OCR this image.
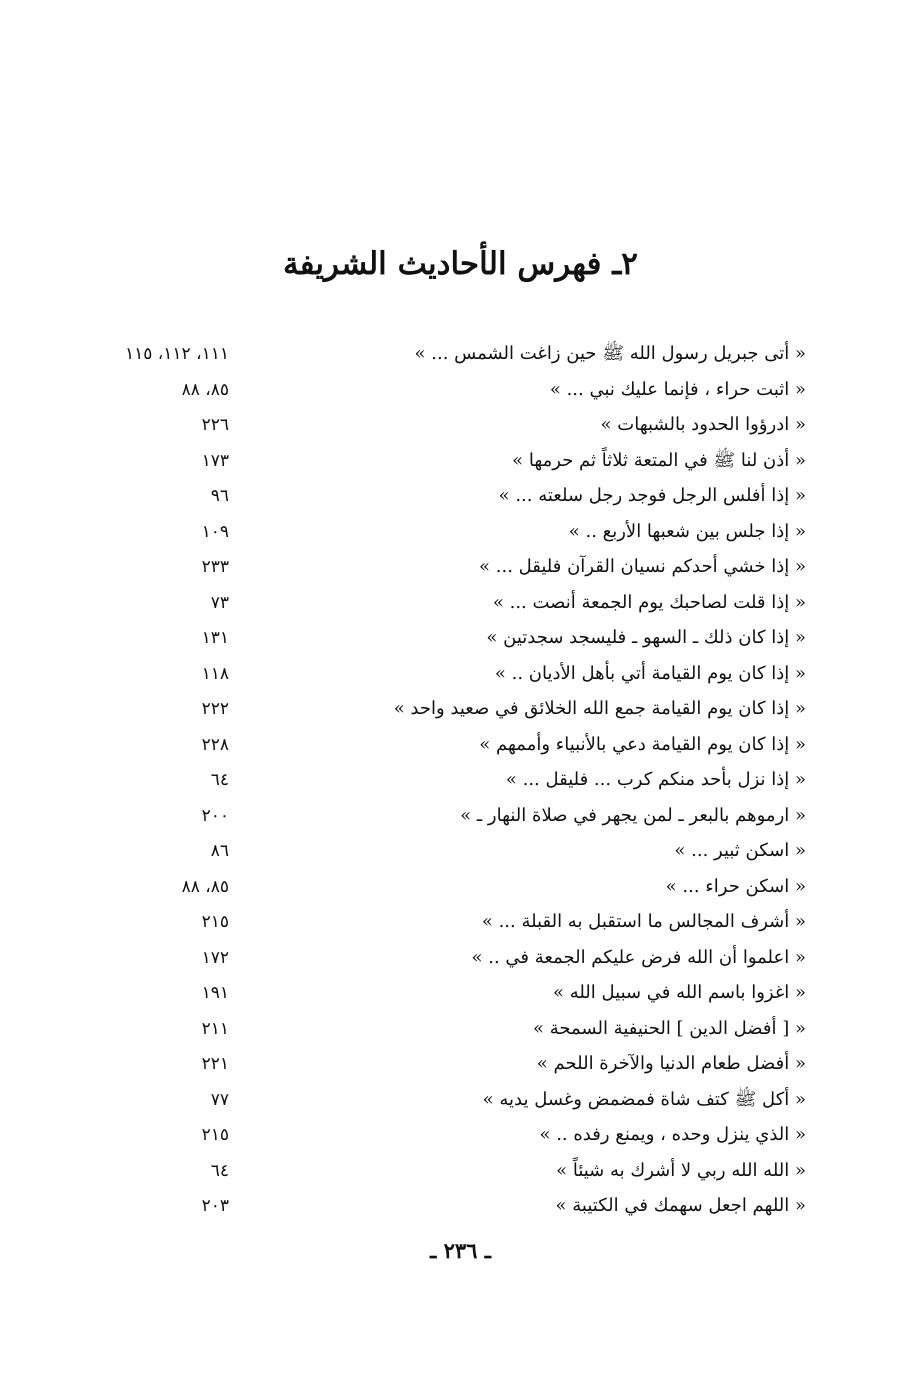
٢ـ فهرس الأحاديث الشريفة
« أتى جبريل رسول الله ﷺ حين زاغت الشمس ... »
١١١، ١١٢، ١١٥
« اثبت حراء ، فإنما عليك نبي ... »
٨٥، ٨٨
« ادرؤوا الحدود بالشبهات »
٢٢٦
« أذن لنا ﷺ في المتعة ثلاثاً ثم حرمها »
١٧٣
« إذا أفلس الرجل فوجد رجل سلعته ... »
٩٦
« إذا جلس بين شعبها الأربع .. »
١٠٩
« إذا خشي أحدكم نسيان القرآن فليقل ... »
٢٣٣
« إذا قلت لصاحبك يوم الجمعة أنصت ... »
٧٣
« إذا كان ذلك ـ السهو ـ فليسجد سجدتين »
١٣١
« إذا كان يوم القيامة أتي بأهل الأديان .. »
١١٨
« إذا كان يوم القيامة جمع الله الخلائق في صعيد واحد »
٢٢٢
« إذا كان يوم القيامة دعي بالأنبياء وأممهم »
٢٢٨
« إذا نزل بأحد منكم كرب ... فليقل ... »
٦٤
« ارموهم بالبعر ـ لمن يجهر في صلاة النهار ـ »
٢٠٠
« اسكن ثبير ... »
٨٦
« اسكن حراء ... »
٨٥، ٨٨
« أشرف المجالس ما استقبل به القبلة ... »
٢١٥
« اعلموا أن الله فرض عليكم الجمعة في .. »
١٧٢
« اغزوا باسم الله في سبيل الله »
١٩١
« [ أفضل الدين ] الحنيفية السمحة »
٢١١
« أفضل طعام الدنيا والآخرة اللحم »
٢٢١
« أكل ﷺ كتف شاة فمضمض وغسل يديه »
٧٧
« الذي ينزل وحده ، ويمنع رفده .. »
٢١٥
« الله الله ربي لا أشرك به شيئاً »
٦٤
« اللهم اجعل سهمك في الكتيبة »
٢٠٣
ـ ٢٣٦ ـ
